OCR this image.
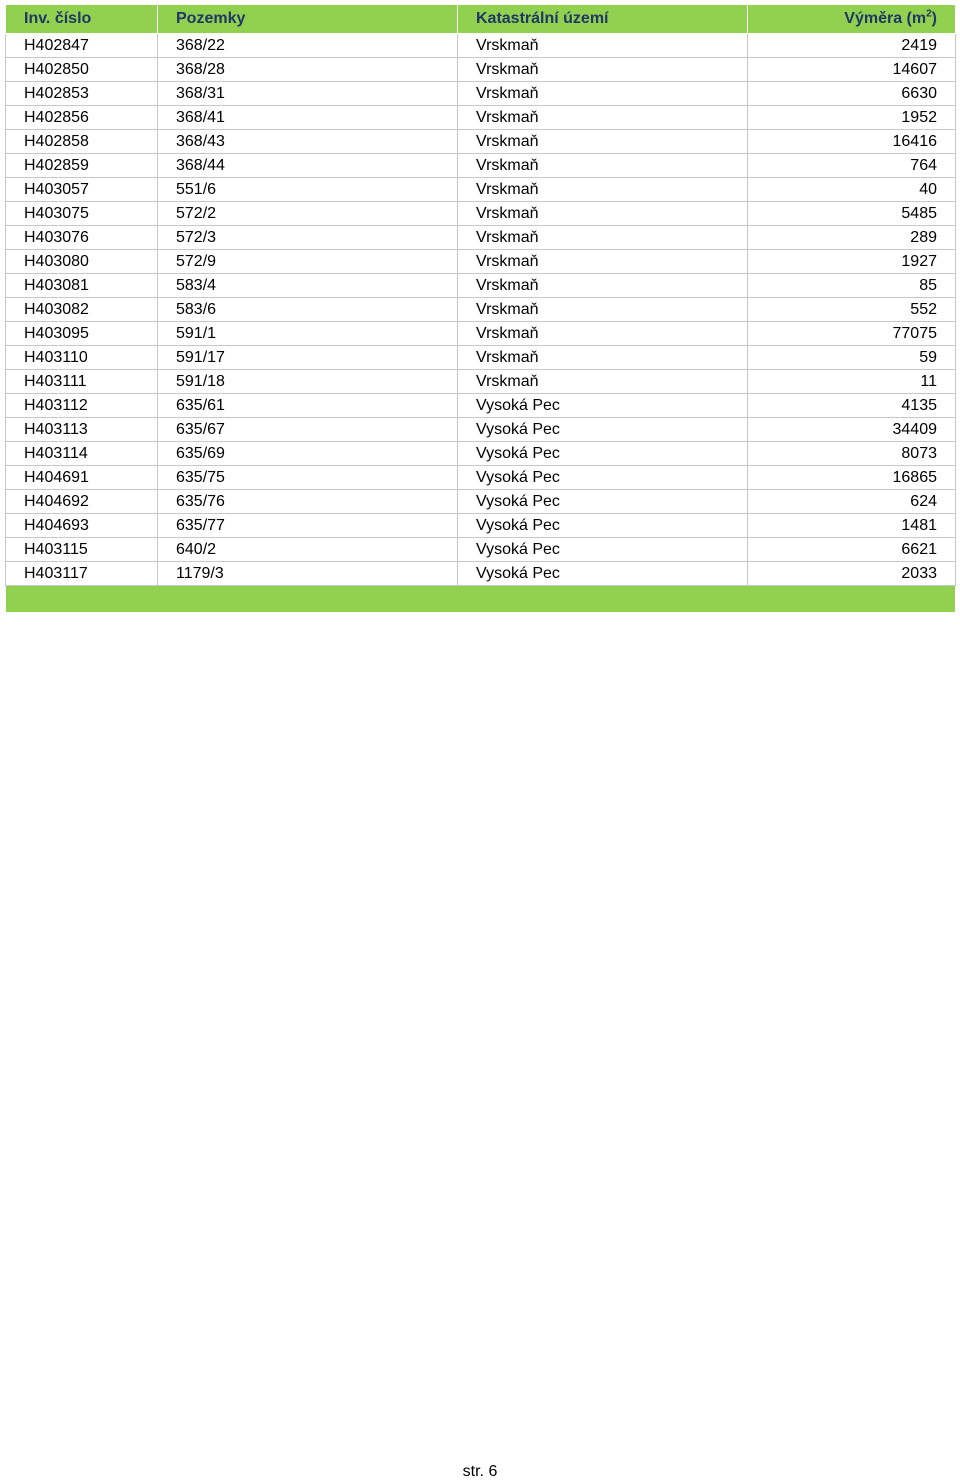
Inv. číslo	Pozemky	Katastrální území	Výměra $(m^2)$
H402847	368/22	Vrskmaň	2419
H402850	368/28	Vrskmaň	14607
H402853	368/31	Vrskmaň	6630
H402856	368/41	Vrskmaň	1952
H402858	368/43	Vrskmaň	16416
H402859	368/44	Vrskmaň	764
H403057	551/6	Vrskmaň	40
H403075	572/2	Vrskmaň	5485
H403076	572/3	Vrskmaň	289
H403080	572/9	Vrskmaň	1927
H403081	583/4	Vrskmaň	85
H403082	583/6	Vrskmaň	552
H403095	591/1	Vrskmaň	77075
H403110	591/17	Vrskmaň	59
H403111	591/18	Vrskmaň	11
H403112	635/61	Vysoká Pec	4135
H403113	635/67	Vysoká Pec	34409
H403114	635/69	Vysoká Pec	8073
H404691	635/75	Vysoká Pec	16865
H404692	635/76	Vysoká Pec	624
H404693	635/77	Vysoká Pec	1481
H403115	640/2	Vysoká Pec	6621
H403117	1179/3	Vysoká Pec	2033

str. 6
